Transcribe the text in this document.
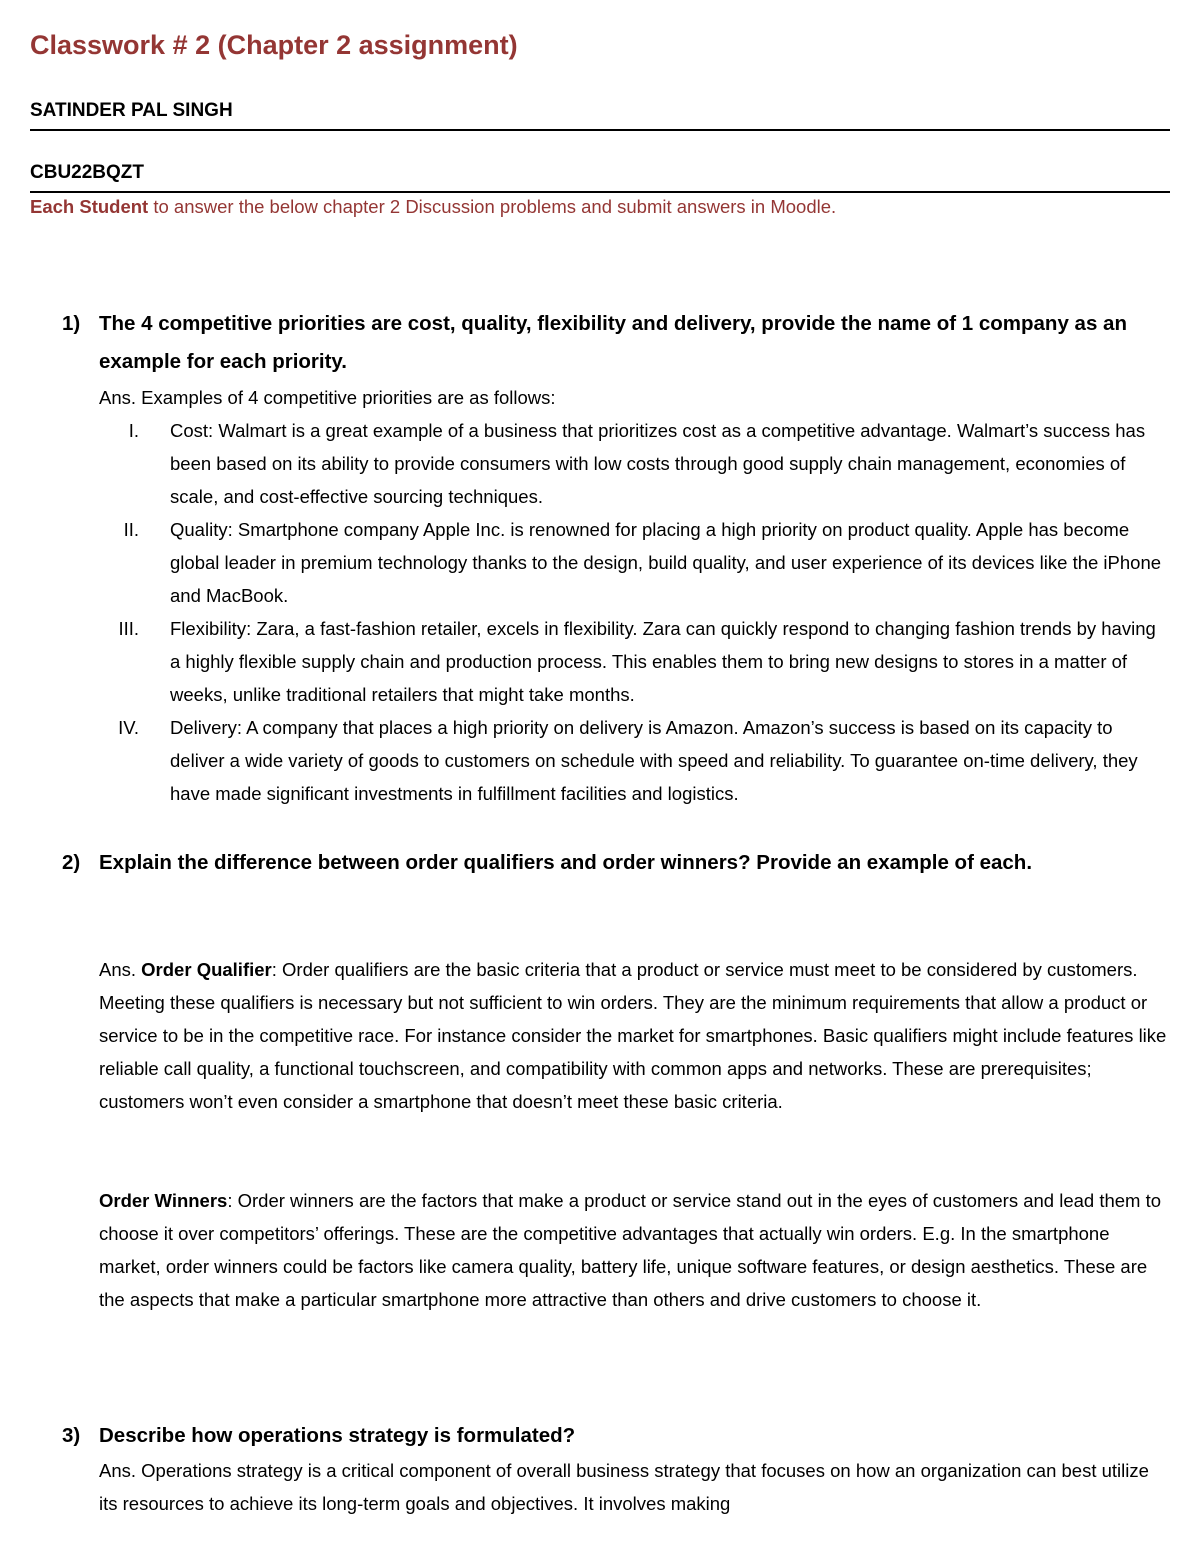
Classwork # 2 (Chapter 2 assignment)
SATINDER PAL SINGH
CBU22BQZT
Each Student to answer the below chapter 2 Discussion problems and submit answers in Moodle.
1) The 4 competitive priorities are cost, quality, flexibility and delivery, provide the name of 1 company as an example for each priority.
Ans. Examples of 4 competitive priorities are as follows:
I. Cost: Walmart is a great example of a business that prioritizes cost as a competitive advantage. Walmart’s success has been based on its ability to provide consumers with low costs through good supply chain management, economies of scale, and cost-effective sourcing techniques.
II. Quality: Smartphone company Apple Inc. is renowned for placing a high priority on product quality. Apple has become global leader in premium technology thanks to the design, build quality, and user experience of its devices like the iPhone and MacBook.
III. Flexibility: Zara, a fast-fashion retailer, excels in flexibility. Zara can quickly respond to changing fashion trends by having a highly flexible supply chain and production process. This enables them to bring new designs to stores in a matter of weeks, unlike traditional retailers that might take months.
IV. Delivery: A company that places a high priority on delivery is Amazon. Amazon’s success is based on its capacity to deliver a wide variety of goods to customers on schedule with speed and reliability. To guarantee on-time delivery, they have made significant investments in fulfillment facilities and logistics.
2) Explain the difference between order qualifiers and order winners? Provide an example of each.
Ans. Order Qualifier: Order qualifiers are the basic criteria that a product or service must meet to be considered by customers. Meeting these qualifiers is necessary but not sufficient to win orders. They are the minimum requirements that allow a product or service to be in the competitive race. For instance consider the market for smartphones. Basic qualifiers might include features like reliable call quality, a functional touchscreen, and compatibility with common apps and networks. These are prerequisites; customers won’t even consider a smartphone that doesn’t meet these basic criteria.
Order Winners: Order winners are the factors that make a product or service stand out in the eyes of customers and lead them to choose it over competitors’ offerings. These are the competitive advantages that actually win orders. E.g. In the smartphone market, order winners could be factors like camera quality, battery life, unique software features, or design aesthetics. These are the aspects that make a particular smartphone more attractive than others and drive customers to choose it.
3) Describe how operations strategy is formulated?
Ans. Operations strategy is a critical component of overall business strategy that focuses on how an organization can best utilize its resources to achieve its long-term goals and objectives. It involves making
